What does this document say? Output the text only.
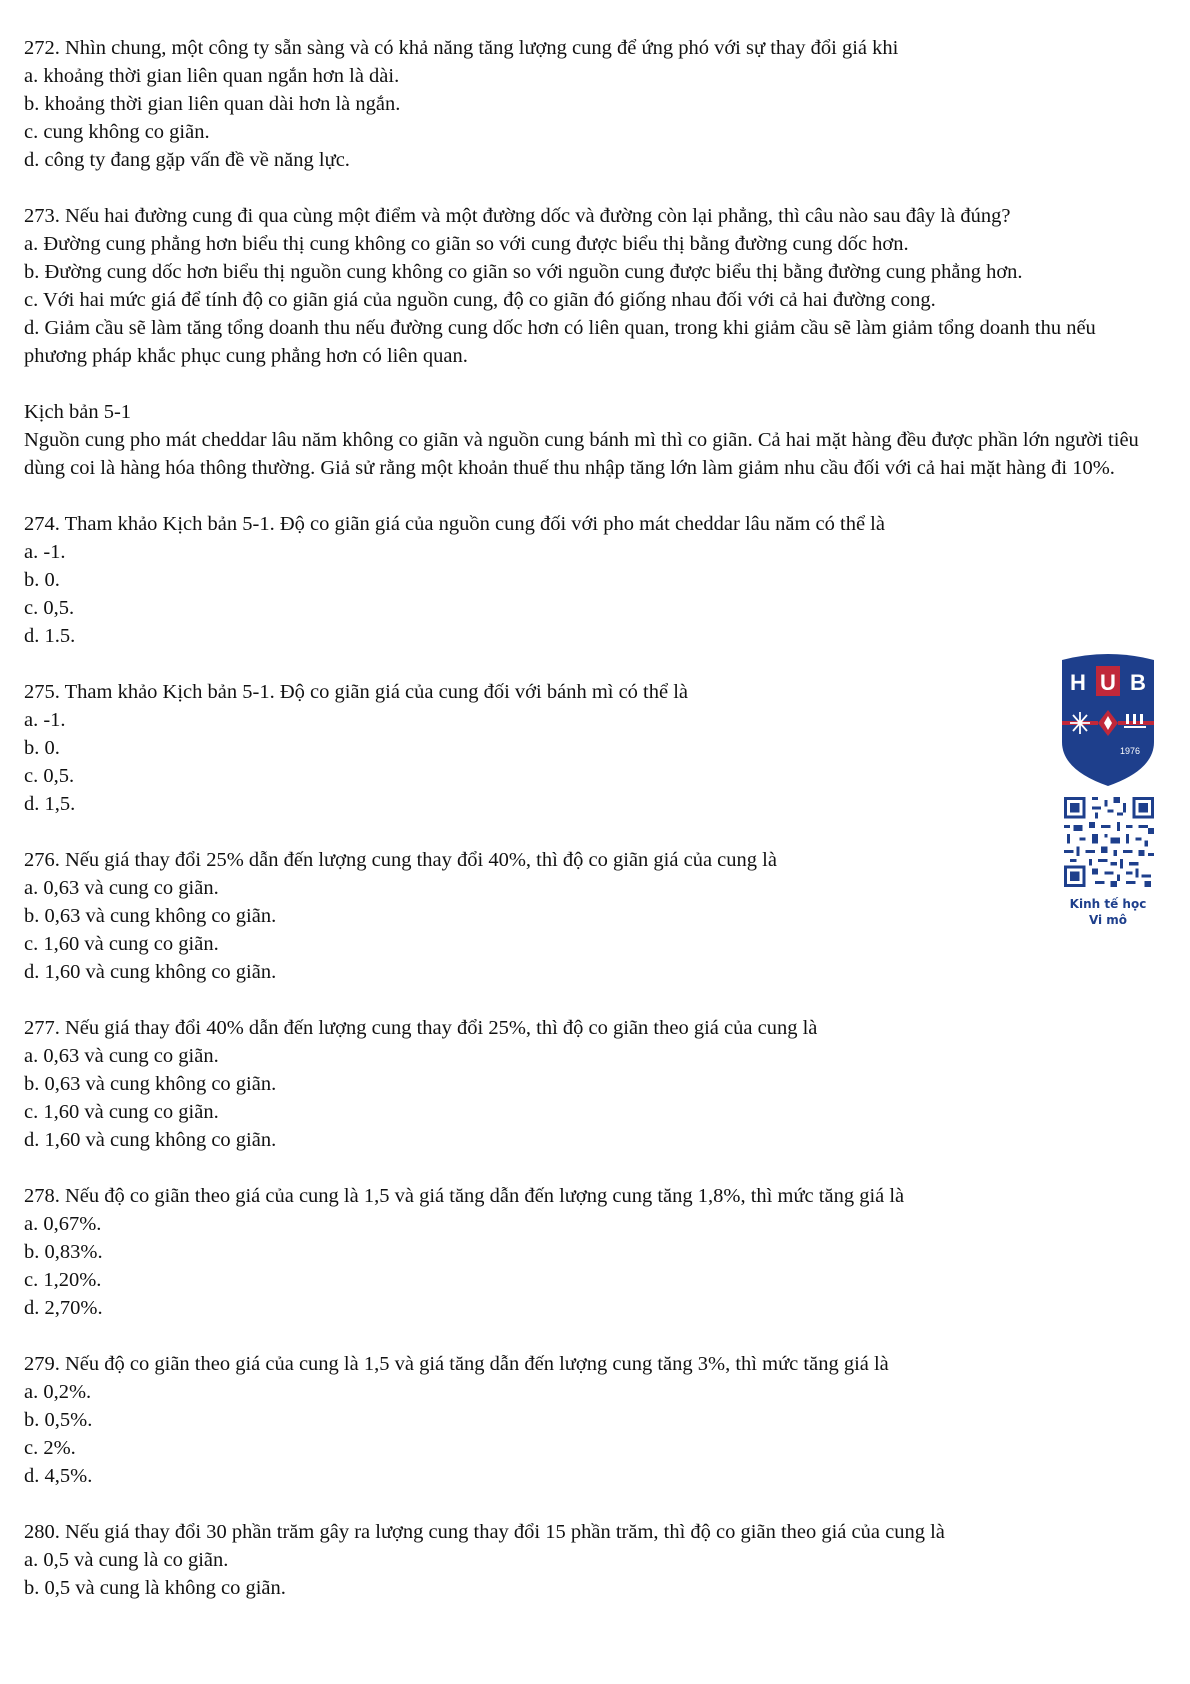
272. Nhìn chung, một công ty sẵn sàng và có khả năng tăng lượng cung để ứng phó với sự thay đổi giá khi
a. khoảng thời gian liên quan ngắn hơn là dài.
b. khoảng thời gian liên quan dài hơn là ngắn.
c. cung không co giãn.
d. công ty đang gặp vấn đề về năng lực.
273. Nếu hai đường cung đi qua cùng một điểm và một đường dốc và đường còn lại phẳng, thì câu nào sau đây là đúng?
a. Đường cung phẳng hơn biểu thị cung không co giãn so với cung được biểu thị bằng đường cung dốc hơn.
b. Đường cung dốc hơn biểu thị nguồn cung không co giãn so với nguồn cung được biểu thị bằng đường cung phẳng hơn.
c. Với hai mức giá để tính độ co giãn giá của nguồn cung, độ co giãn đó giống nhau đối với cả hai đường cong.
d. Giảm cầu sẽ làm tăng tổng doanh thu nếu đường cung dốc hơn có liên quan, trong khi giảm cầu sẽ làm giảm tổng doanh thu nếu phương pháp khắc phục cung phẳng hơn có liên quan.
Kịch bản 5-1
Nguồn cung pho mát cheddar lâu năm không co giãn và nguồn cung bánh mì thì co giãn. Cả hai mặt hàng đều được phần lớn người tiêu dùng coi là hàng hóa thông thường. Giả sử rằng một khoản thuế thu nhập tăng lớn làm giảm nhu cầu đối với cả hai mặt hàng đi 10%.
274. Tham khảo Kịch bản 5-1. Độ co giãn giá của nguồn cung đối với pho mát cheddar lâu năm có thể là
a. -1.
b. 0.
c. 0,5.
d. 1.5.
275. Tham khảo Kịch bản 5-1. Độ co giãn giá của cung đối với bánh mì có thể là
a. -1.
b. 0.
c. 0,5.
d. 1,5.
276. Nếu giá thay đổi 25% dẫn đến lượng cung thay đổi 40%, thì độ co giãn giá của cung là
a. 0,63 và cung co giãn.
b. 0,63 và cung không co giãn.
c. 1,60 và cung co giãn.
d. 1,60 và cung không co giãn.
277. Nếu giá thay đổi 40% dẫn đến lượng cung thay đổi 25%, thì độ co giãn theo giá của cung là
a. 0,63 và cung co giãn.
b. 0,63 và cung không co giãn.
c. 1,60 và cung co giãn.
d. 1,60 và cung không co giãn.
278. Nếu độ co giãn theo giá của cung là 1,5 và giá tăng dẫn đến lượng cung tăng 1,8%, thì mức tăng giá là
a. 0,67%.
b. 0,83%.
c. 1,20%.
d. 2,70%.
279. Nếu độ co giãn theo giá của cung là 1,5 và giá tăng dẫn đến lượng cung tăng 3%, thì mức tăng giá là
a. 0,2%.
b. 0,5%.
c. 2%.
d. 4,5%.
280. Nếu giá thay đổi 30 phần trăm gây ra lượng cung thay đổi 15 phần trăm, thì độ co giãn theo giá của cung là
a. 0,5 và cung là co giãn.
b. 0,5 và cung là không co giãn.
H U B
1976
Kinh tế học
Vi mô
